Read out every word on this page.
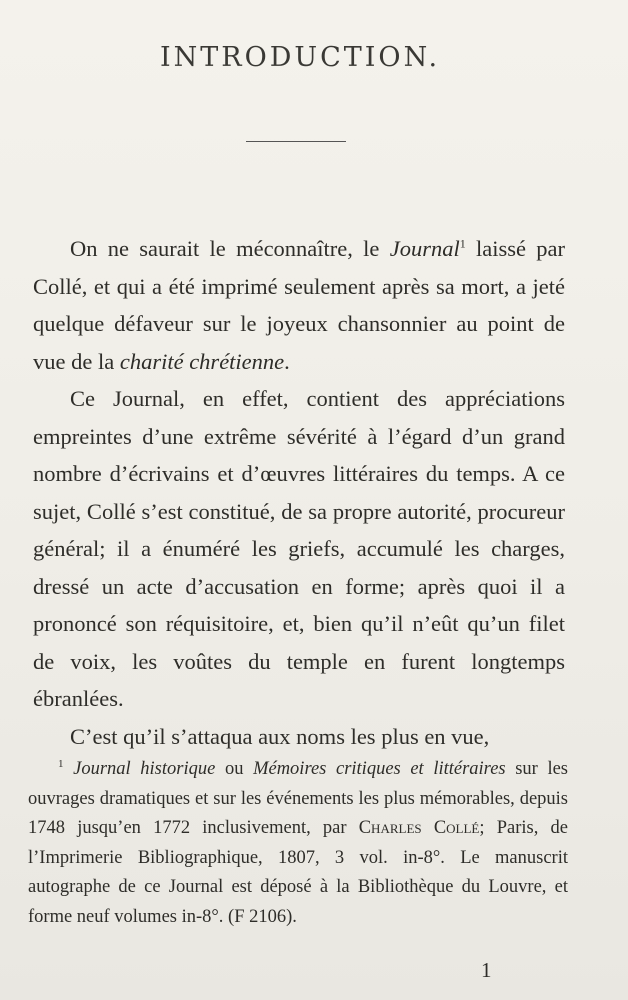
INTRODUCTION.

On ne saurait le méconnaître, le Journal$^1$ laissé par Collé, et qui a été imprimé seulement après sa mort, a jeté quelque défaveur sur le joyeux chansonnier au point de vue de la charité chrétienne.

Ce Journal, en effet, contient des appréciations empreintes d’une extrême sévérité à l’égard d’un grand nombre d’écrivains et d’œuvres littéraires du temps. A ce sujet, Collé s’est constitué, de sa propre autorité, procureur général; il a énuméré les griefs, accumulé les charges, dressé un acte d’accusation en forme; après quoi il a prononcé son réquisitoire, et, bien qu’il n’eût qu’un filet de voix, les voûtes du temple en furent longtemps ébranlées.

C’est qu’il s’attaqua aux noms les plus en vue,

$^1$ Journal historique ou Mémoires critiques et littéraires sur les ouvrages dramatiques et sur les événements les plus mémorables, depuis 1748 jusqu’en 1772 inclusivement, par Charles Collé; Paris, de l’Imprimerie Bibliographique, 1807, 3 vol. in-8°. Le manuscrit autographe de ce Journal est déposé à la Bibliothèque du Louvre, et forme neuf volumes in-8°. (F 2106).

1
